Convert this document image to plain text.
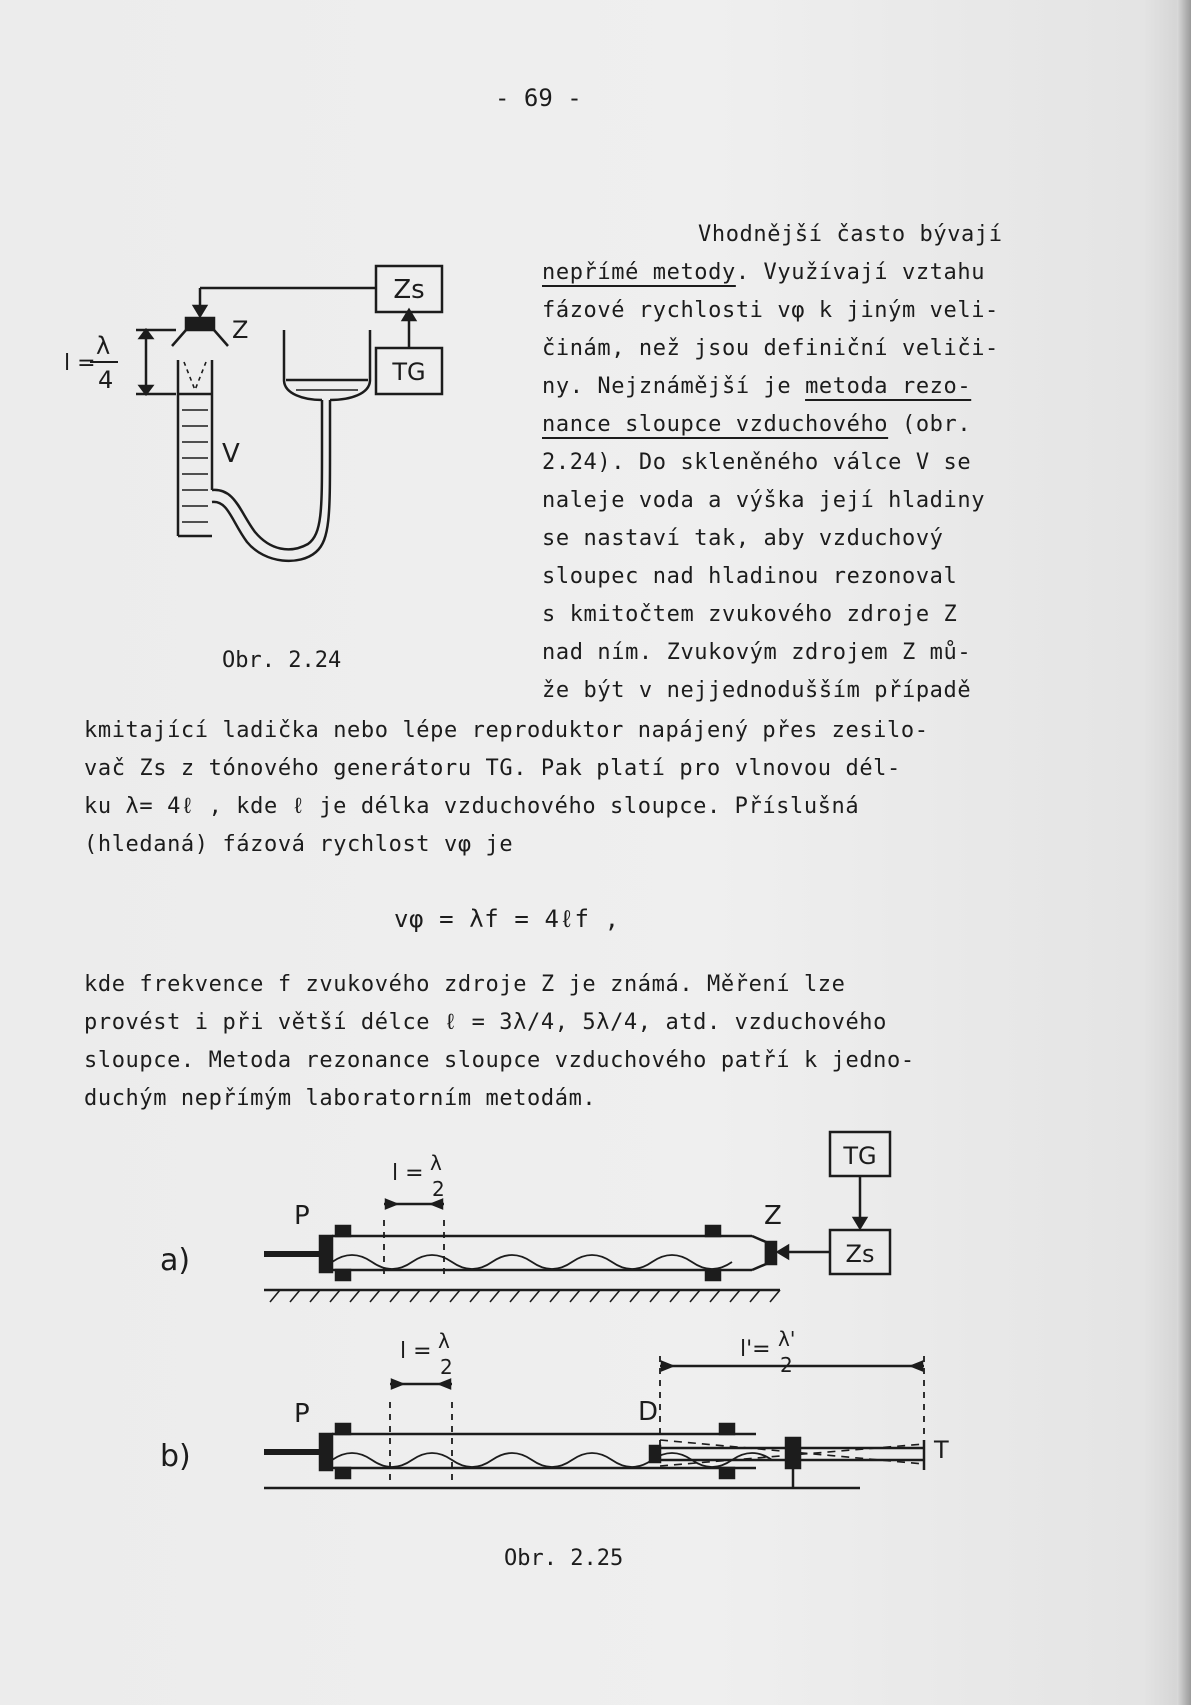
- 69 -
Vhodnější často bývají
nepřímé metody. Využívají vztahu
fázové rychlosti vφ k jiným veli-
činám, než jsou definiční veliči-
ny. Nejznámější je metoda rezo-
nance sloupce vzduchového (obr.
2.24). Do skleněného válce V se
naleje voda a výška její hladiny
se nastaví tak, aby vzduchový
sloupec nad hladinou rezonoval
s kmitočtem zvukového zdroje Z
nad ním. Zvukovým zdrojem Z mů-
že být v nejjednodušším případě
kmitající ladička nebo lépe reproduktor napájený přes zesilo-
vač Zs z tónového generátoru TG. Pak platí pro vlnovou dél-
ku λ= 4ℓ , kde ℓ je délka vzduchového sloupce. Příslušná
(hledaná) fázová rychlost vφ je
vφ = λf = 4ℓf ,
kde frekvence f zvukového zdroje Z je známá. Měření lze
provést i při větší délce ℓ = 3λ/4, 5λ/4, atd. vzduchového
sloupce. Metoda rezonance sloupce vzduchového patří k jedno-
duchým nepřímým laboratorním metodám.
Zs
TG
Z
V
l =
λ
4
Obr. 2.24
a)
P
l = λ
2
Z
TG
Zs
b)
P
l = λ
2
D
T
l'= λ'
2
Obr. 2.25
